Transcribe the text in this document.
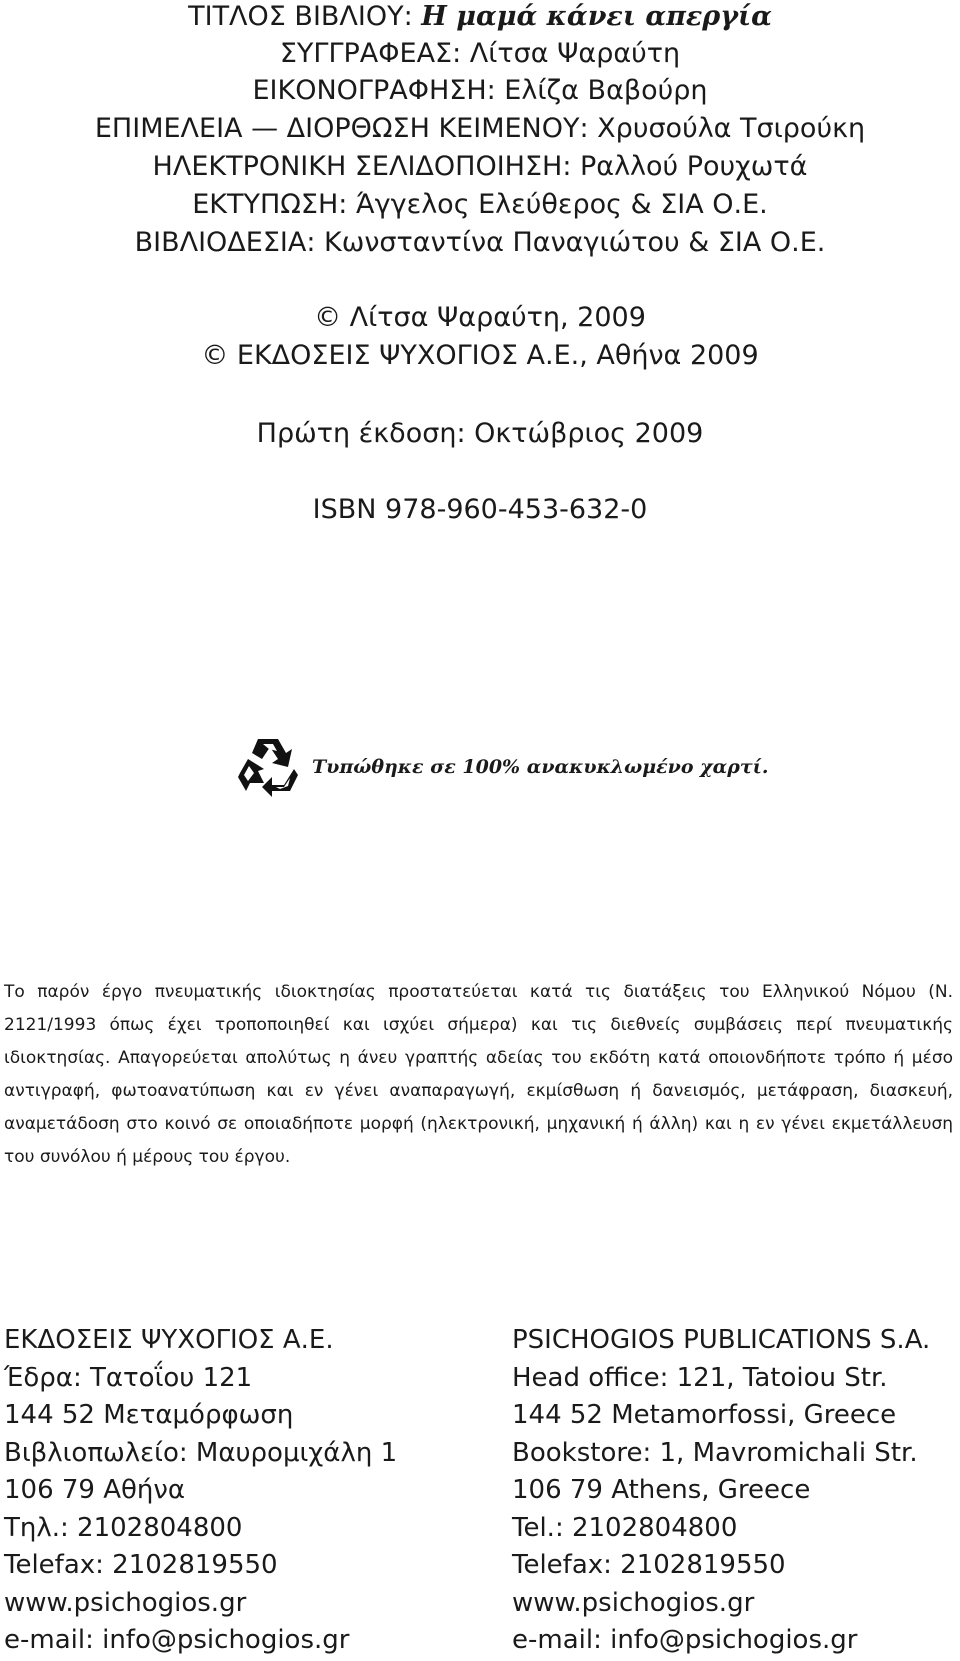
ΤΙΤΛΟΣ ΒΙΒΛΙΟΥ: Η μαμά κάνει απεργία
ΣΥΓΓΡΑΦΕΑΣ: Λίτσα Ψαραύτη
ΕΙΚΟΝΟΓΡΑΦΗΣΗ: Ελίζα Βαβούρη
ΕΠΙΜΕΛΕΙΑ — ΔΙΟΡΘΩΣΗ ΚΕΙΜΕΝΟΥ: Χρυσούλα Τσιρούκη
ΗΛΕΚΤΡΟΝΙΚΗ ΣΕΛΙΔΟΠΟΙΗΣΗ: Ραλλού Ρουχωτά
ΕΚΤΥΠΩΣΗ: Άγγελος Ελεύθερος & ΣΙΑ Ο.Ε.
ΒΙΒΛΙΟΔΕΣΙΑ: Κωνσταντίνα Παναγιώτου & ΣΙΑ Ο.Ε.
© Λίτσα Ψαραύτη, 2009
© ΕΚΔΟΣΕΙΣ ΨΥΧΟΓΙΟΣ Α.Ε., Αθήνα 2009
Πρώτη έκδοση: Οκτώβριος 2009
ISBN 978-960-453-632-0
Τυπώθηκε σε 100% ανακυκλωμένο χαρτί.
Το παρόν έργο πνευματικής ιδιοκτησίας προστατεύεται κατά τις διατάξεις του Ελληνικού Νόμου (Ν. 2121/1993 όπως έχει τροποποιηθεί και ισχύει σήμερα) και τις διεθνείς συμβάσεις περί πνευματικής ιδιοκτησίας. Απαγορεύεται απολύτως η άνευ γραπτής αδείας του εκδότη κατά οποιονδήποτε τρόπο ή μέσο αντιγραφή, φωτοανατύπωση και εν γένει αναπαραγωγή, εκμίσθωση ή δανεισμός, μετάφραση, διασκευή, αναμετάδοση στο κοινό σε οποιαδήποτε μορφή (ηλεκτρονική, μηχανική ή άλλη) και η εν γένει εκμετάλλευση του συνόλου ή μέρους του έργου.
ΕΚΔΟΣΕΙΣ ΨΥΧΟΓΙΟΣ Α.Ε.
Έδρα: Τατοΐου 121
144 52 Μεταμόρφωση
Βιβλιοπωλείο: Μαυρομιχάλη 1
106 79 Αθήνα
Τηλ.: 2102804800
Telefax: 2102819550
www.psichogios.gr
e-mail: info@psichogios.gr
PSICHOGIOS PUBLICATIONS S.A.
Head office: 121, Tatoiou Str.
144 52 Metamorfossi, Greece
Bookstore: 1, Mavromichali Str.
106 79 Athens, Greece
Tel.: 2102804800
Telefax: 2102819550
www.psichogios.gr
e-mail: info@psichogios.gr
